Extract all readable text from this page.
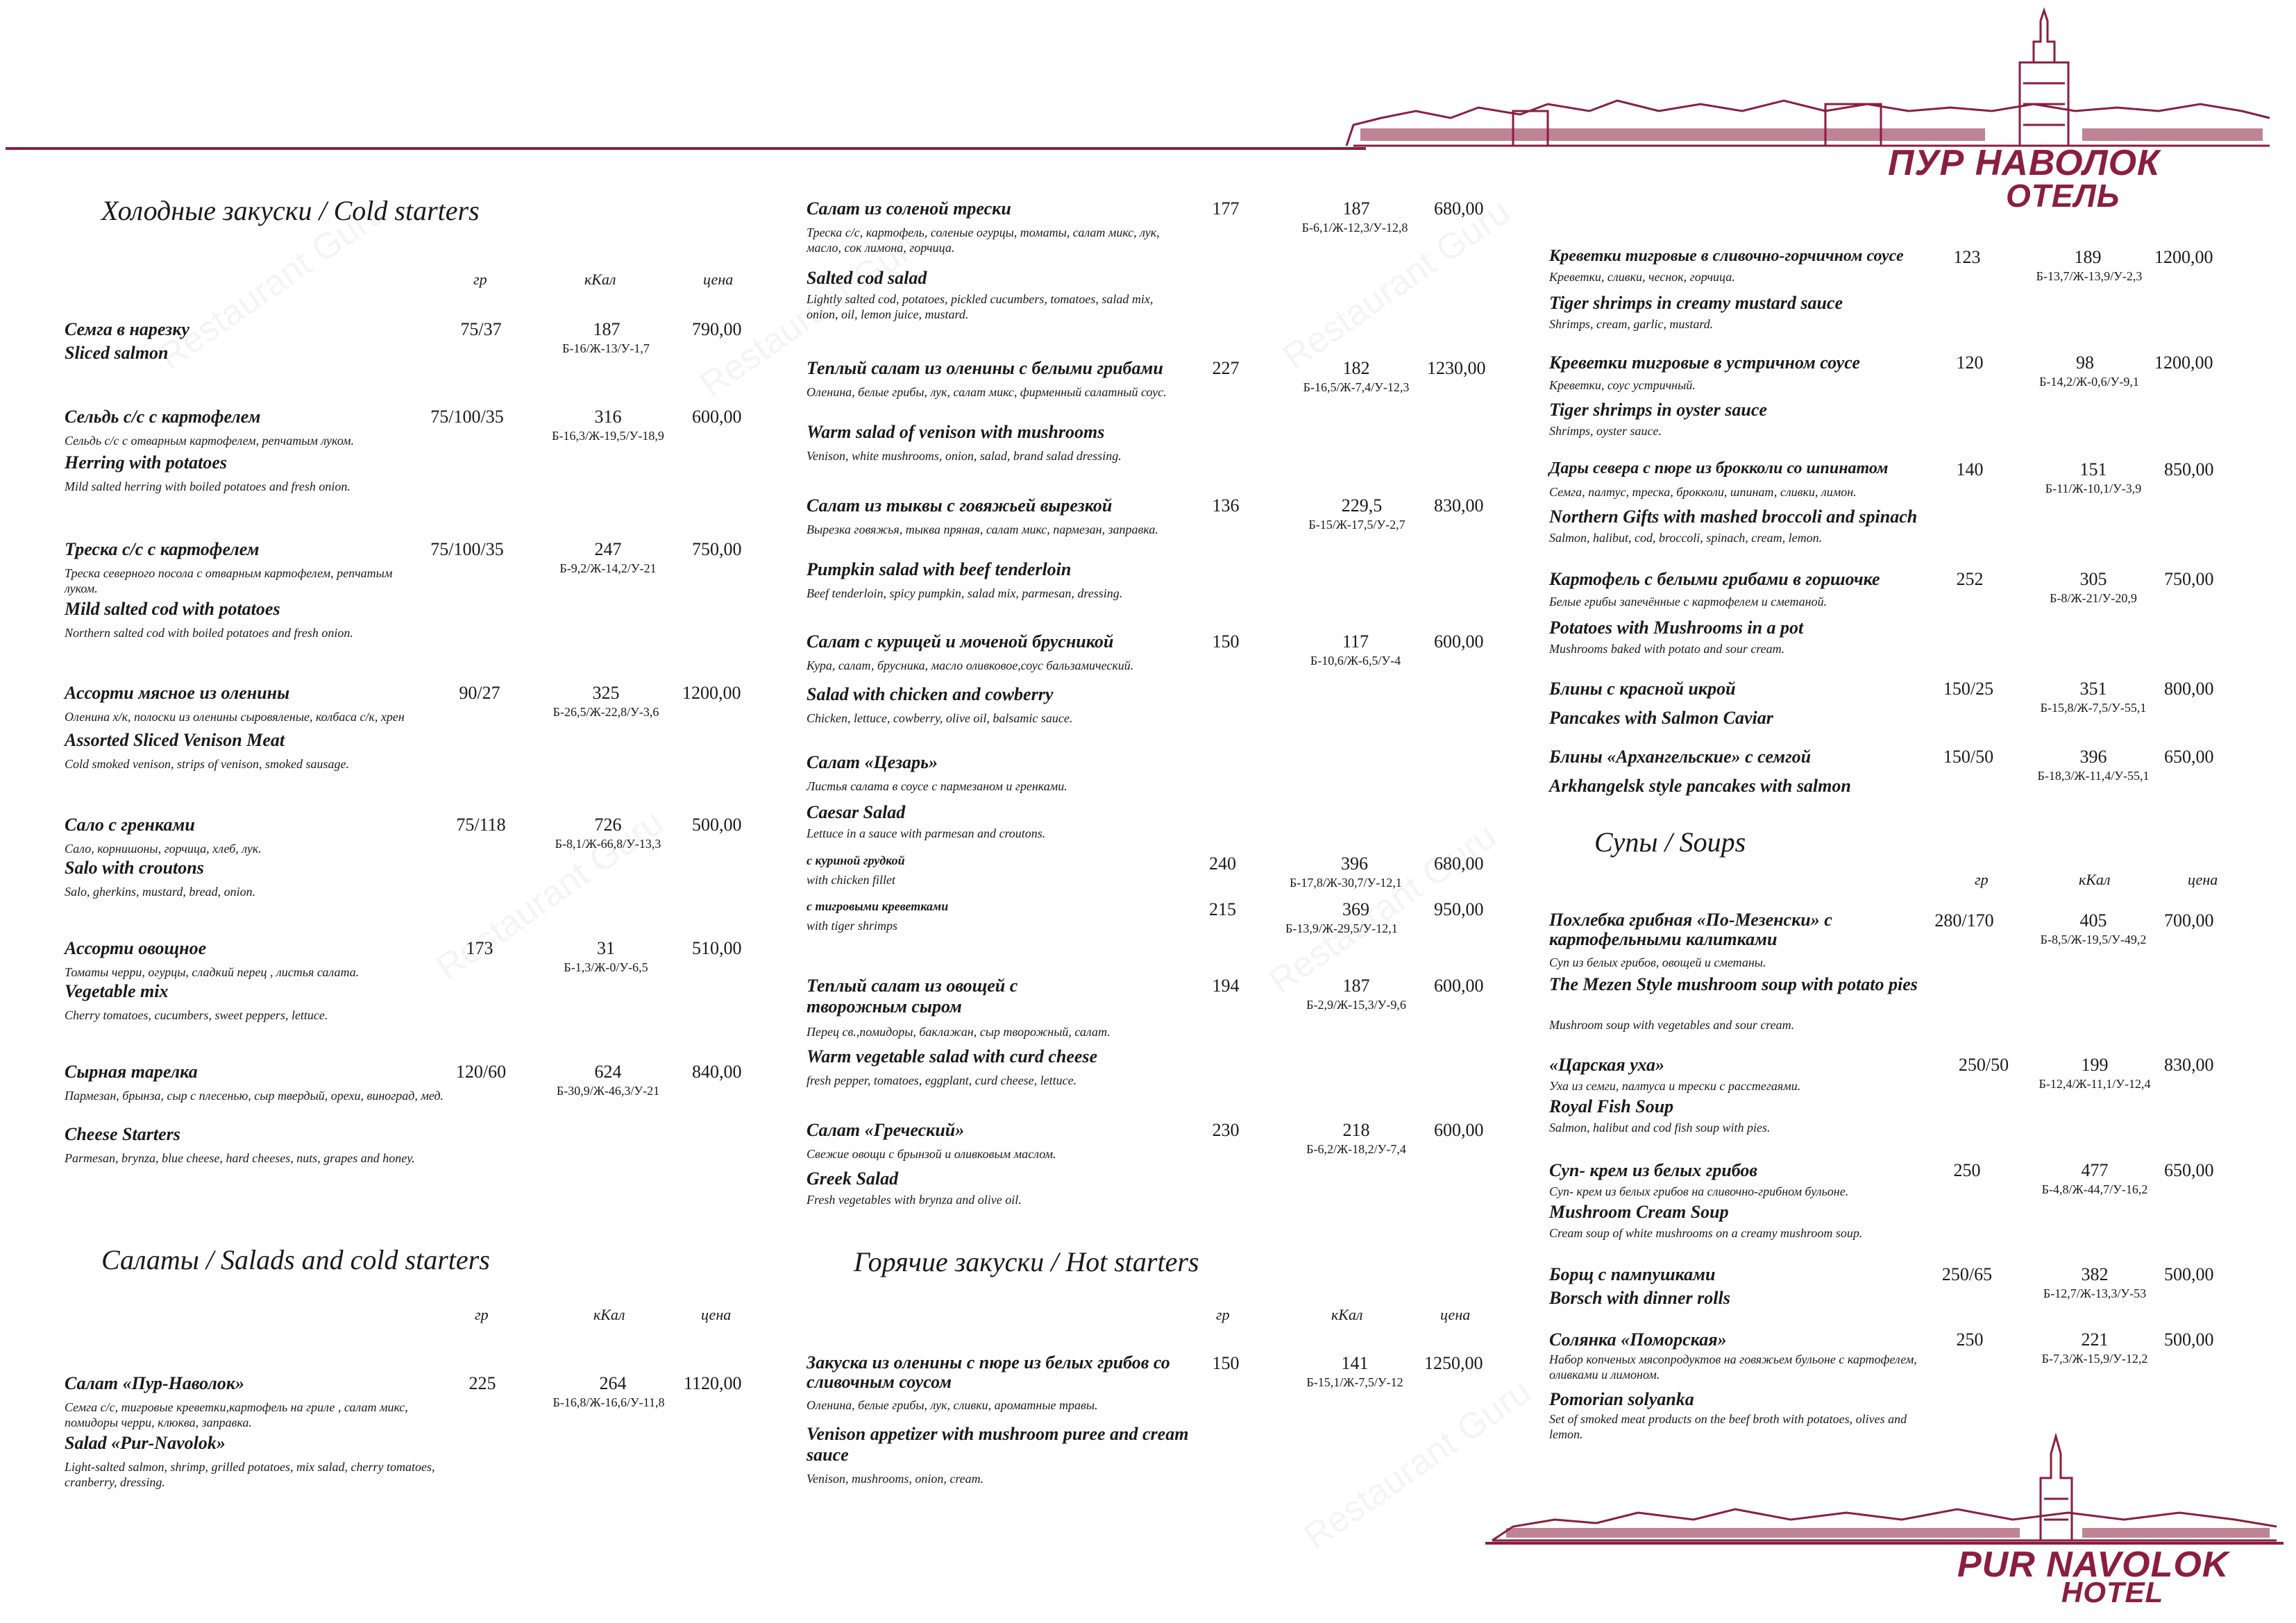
ПУР НАВОЛОК
ОТЕЛЬ
PUR NAVOLOK
HOTEL
Холодные закуски / Cold starters
Салаты / Salads and cold starters	Горячие закуски / Hot starters
Супы / Soups
гр	кКал	цена
гр	кКал	цена	гр	кКал	цена
гр	кКал	цена
Семга в нарезку
Sliced salmon
75/37	187	790,00
Б-16/Ж-13/У-1,7
Сельдь с/с с картофелем
Сельдь с/с с отварным картофелем, репчатым луком.
Herring with potatoes
Mild salted herring with boiled potatoes and fresh onion.
75/100/35	316	600,00
Б-16,3/Ж-19,5/У-18,9
Треска с/с с картофелем
Треска северного посола с отварным картофелем, репчатым луком.
Mild salted cod with potatoes
Northern salted cod with boiled potatoes and fresh onion.
75/100/35	247	750,00
Б-9,2/Ж-14,2/У-21
Ассорти мясное из оленины
Оленина х/к, полоски из оленины сыровяленые, колбаса с/к, хрен
Assorted Sliced Venison Meat
Cold smoked venison, strips of venison, smoked sausage.
90/27	325	1200,00
Б-26,5/Ж-22,8/У-3,6
Сало с гренками
Сало, корнишоны, горчица, хлеб, лук.
Salo with croutons
Salo, gherkins, mustard, bread, onion.
75/118	726	500,00
Б-8,1/Ж-66,8/У-13,3
Ассорти овощное
Томаты черри, огурцы, сладкий перец , листья салата.
Vegetable mix
Cherry tomatoes, cucumbers, sweet peppers, lettuce.
173	31	510,00
Б-1,3/Ж-0/У-6,5
Сырная тарелка
Пармезан, брынза, сыр с плесенью, сыр твердый, орехи, виноград, мед.
Cheese Starters
Parmesan, brynza, blue cheese, hard cheeses, nuts, grapes and honey.
120/60	624	840,00
Б-30,9/Ж-46,3/У-21
Салат «Пур-Наволок»
Семга с/с, тигровые креветки,картофель на гриле , салат микс, помидоры черри, клюква, заправка.
Salad «Pur-Navolok»
Light-salted salmon, shrimp, grilled potatoes, mix salad, cherry tomatoes, cranberry, dressing.
225	264	1120,00
Б-16,8/Ж-16,6/У-11,8
Салат из соленой трески
Треска с/с, картофель, соленые огурцы, томаты, салат микс, лук, масло, сок лимона, горчица.
Salted cod salad
Lightly salted cod, potatoes, pickled cucumbers, tomatoes, salad mix, onion, oil, lemon juice, mustard.
177	187	680,00
Б-6,1/Ж-12,3/У-12,8
Теплый салат из оленины с белыми грибами
Оленина, белые грибы, лук, салат микс, фирменный салатный соус.
Warm salad of venison with mushrooms
Venison, white mushrooms, onion, salad, brand salad dressing.
227	182	1230,00
Б-16,5/Ж-7,4/У-12,3
Салат из тыквы с говяжьей вырезкой
Вырезка говяжья, тыква пряная, салат микс, пармезан, заправка.
Pumpkin salad with beef tenderloin
Beef tenderloin, spicy pumpkin, salad mix, parmesan, dressing.
136	229,5	830,00
Б-15/Ж-17,5/У-2,7
Салат с курицей и моченой брусникой
Кура, салат, брусника, масло оливковое,соус бальзамический.
Salad with chicken and cowberry
Chicken, lettuce, cowberry, olive oil, balsamic sauce.
150	117	600,00
Б-10,6/Ж-6,5/У-4
Салат «Цезарь»
Листья салата в соусе с пармезаном и гренками.
Caesar Salad
Lettuce in a sauce with parmesan and croutons.
с куриной грудкой
with chicken fillet
240	396	680,00
Б-17,8/Ж-30,7/У-12,1
с тигровыми креветками
with tiger shrimps
215	369	950,00
Б-13,9/Ж-29,5/У-12,1
Теплый салат из овощей с творожным сыром
Перец св.,помидоры, баклажан, сыр творожный, салат.
Warm vegetable salad with curd cheese
fresh pepper, tomatoes, eggplant, curd cheese, lettuce.
194	187	600,00
Б-2,9/Ж-15,3/У-9,6
Салат «Греческий»
Свежие овощи с брынзой и оливковым маслом.
Greek Salad
Fresh vegetables with brynza and olive oil.
230	218	600,00
Б-6,2/Ж-18,2/У-7,4
Закуска из оленины с пюре из белых грибов со сливочным соусом
Оленина, белые грибы, лук, сливки, ароматные травы.
Venison appetizer with mushroom puree and cream sauce
Venison, mushrooms, onion, cream.
150	141	1250,00
Б-15,1/Ж-7,5/У-12
Креветки тигровые в сливочно-горчичном соусе
Креветки, сливки, чеснок, горчица.
Tiger shrimps in creamy mustard sauce
Shrimps, cream, garlic, mustard.
123	189	1200,00
Б-13,7/Ж-13,9/У-2,3
Креветки тигровые в устричном соусе
Креветки, соус устричный.
Tiger shrimps in oyster sauce
Shrimps, oyster sauce.
120	98	1200,00
Б-14,2/Ж-0,6/У-9,1
Дары севера с пюре из брокколи со шпинатом
Семга, палтус, треска, брокколи, шпинат, сливки, лимон.
Northern Gifts with mashed broccoli and spinach
Salmon, halibut, cod, broccoli, spinach, cream, lemon.
140	151	850,00
Б-11/Ж-10,1/У-3,9
Картофель с белыми грибами в горшочке
Белые грибы запечённые с картофелем и сметаной.
Potatoes with Mushrooms in a pot
Mushrooms baked with potato and sour cream.
252	305	750,00
Б-8/Ж-21/У-20,9
Блины с красной икрой
Pancakes with Salmon Caviar
150/25	351	800,00
Б-15,8/Ж-7,5/У-55,1
Блины «Архангельские» с семгой
Arkhangelsk style pancakes with salmon
150/50	396	650,00
Б-18,3/Ж-11,4/У-55,1
Похлебка грибная «По-Мезенски» с картофельными калитками
Суп из белых грибов, овощей и сметаны.
The Mezen Style mushroom soup with potato pies
Mushroom soup with vegetables and sour cream.
280/170	405	700,00
Б-8,5/Ж-19,5/У-49,2
«Царская уха»
Уха из семги, палтуса и трески с расстегаями.
Royal Fish Soup
Salmon, halibut and cod fish soup with pies.
250/50	199	830,00
Б-12,4/Ж-11,1/У-12,4
Суп- крем из белых грибов
Суп- крем из белых грибов на сливочно-грибном бульоне.
Mushroom Cream Soup
Cream soup of white mushrooms on a creamy mushroom soup.
250	477	650,00
Б-4,8/Ж-44,7/У-16,2
Борщ с пампушками
Borsch with dinner rolls
250/65	382	500,00
Б-12,7/Ж-13,3/У-53
Солянка «Поморская»
Набор копченых мясопродуктов на говяжьем бульоне с картофелем, оливками и лимоном.
Pomorian solyanka
Set of smoked meat products on the beef broth with potatoes, olives and lemon.
250	221	500,00
Б-7,3/Ж-15,9/У-12,2
